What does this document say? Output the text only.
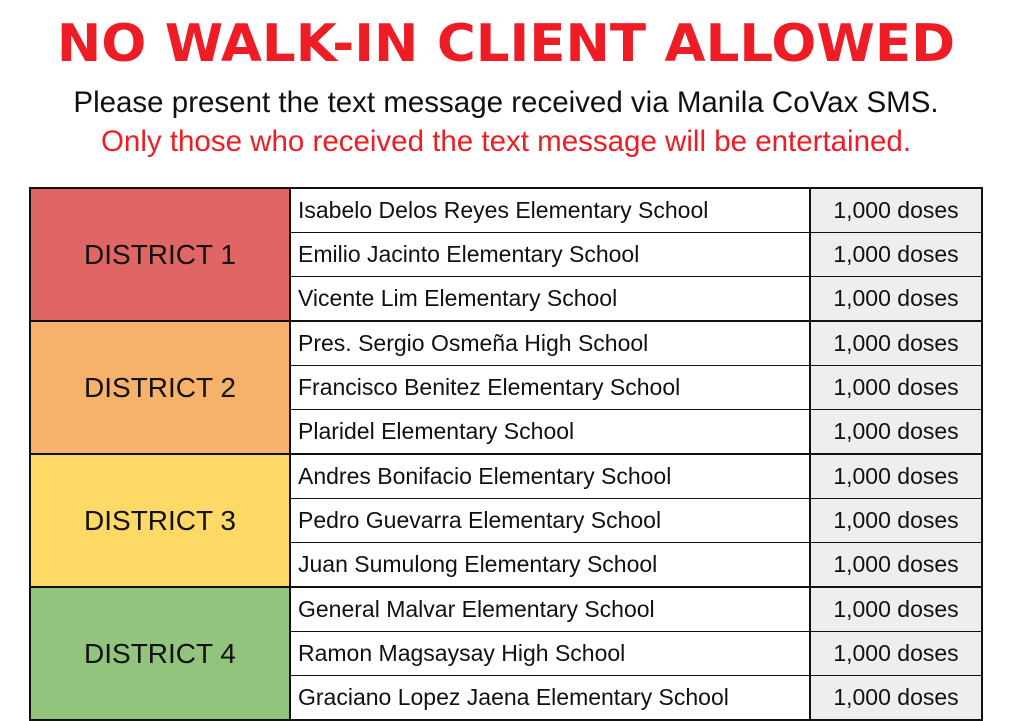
NO WALK-IN CLIENT ALLOWED
Please present the text message received via Manila CoVax SMS.
Only those who received the text message will be entertained.
DISTRICT 1
Isabelo Delos Reyes Elementary School	1,000 doses
Emilio Jacinto Elementary School	1,000 doses
Vicente Lim Elementary School	1,000 doses
DISTRICT 2
Pres. Sergio Osmeña High School	1,000 doses
Francisco Benitez Elementary School	1,000 doses
Plaridel Elementary School	1,000 doses
DISTRICT 3
Andres Bonifacio Elementary School	1,000 doses
Pedro Guevarra Elementary School	1,000 doses
Juan Sumulong Elementary School	1,000 doses
DISTRICT 4
General Malvar Elementary School	1,000 doses
Ramon Magsaysay High School	1,000 doses
Graciano Lopez Jaena Elementary School	1,000 doses
